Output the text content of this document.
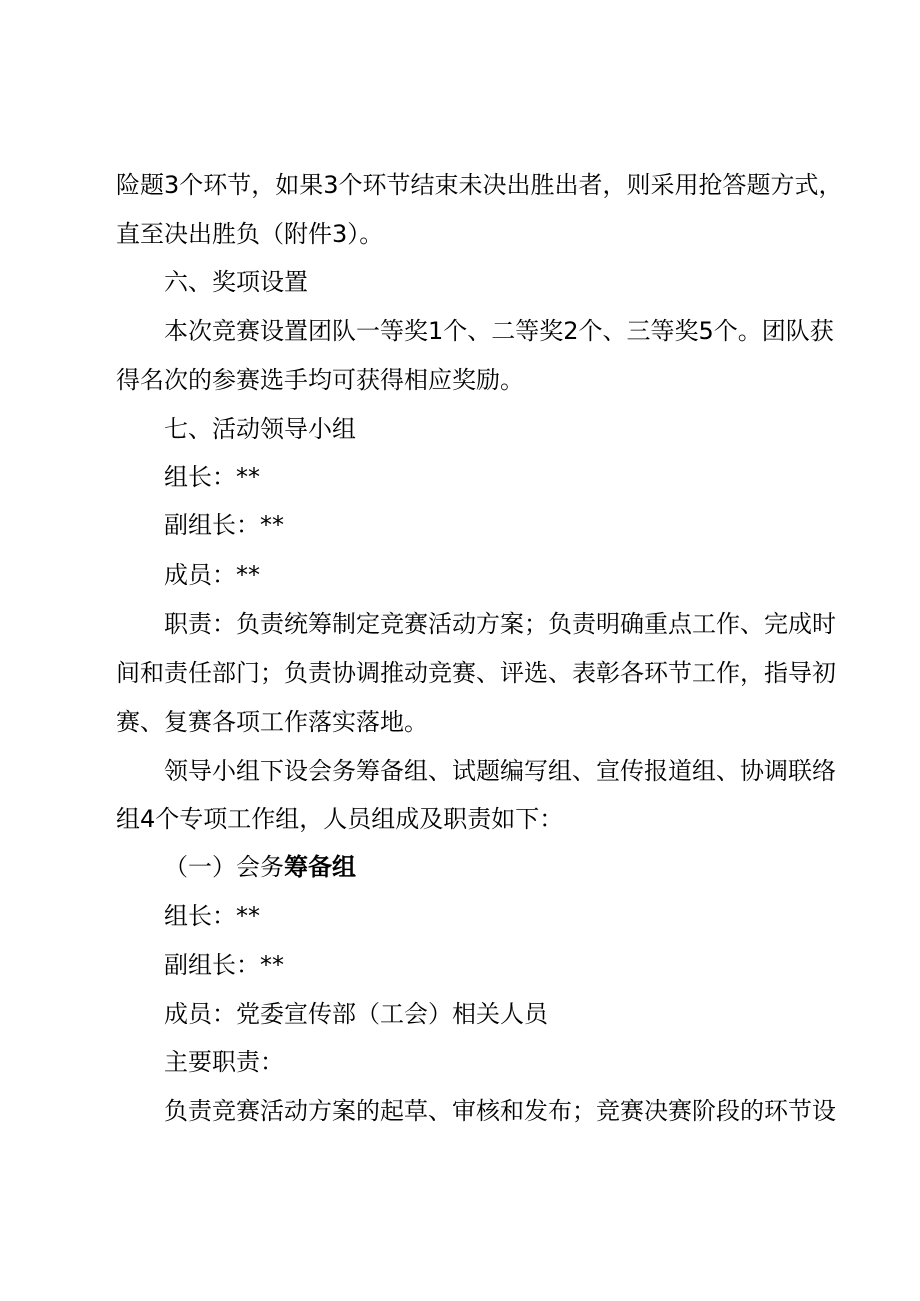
险题3个环节，如果3个环节结束未决出胜出者，则采用抢答题方式，
直至决出胜负（附件3）。
六、奖项设置
本次竞赛设置团队一等奖1个、二等奖2个、三等奖5个。团队获
得名次的参赛选手均可获得相应奖励。
七、活动领导小组
组长：**
副组长：**
成员：**
职责：负责统筹制定竞赛活动方案；负责明确重点工作、完成时
间和责任部门；负责协调推动竞赛、评选、表彰各环节工作，指导初
赛、复赛各项工作落实落地。
领导小组下设会务筹备组、试题编写组、宣传报道组、协调联络
组4个专项工作组，人员组成及职责如下：
（一）会务筹备组
组长：**
副组长：**
成员：党委宣传部（工会）相关人员
主要职责：
负责竞赛活动方案的起草、审核和发布；竞赛决赛阶段的环节设
